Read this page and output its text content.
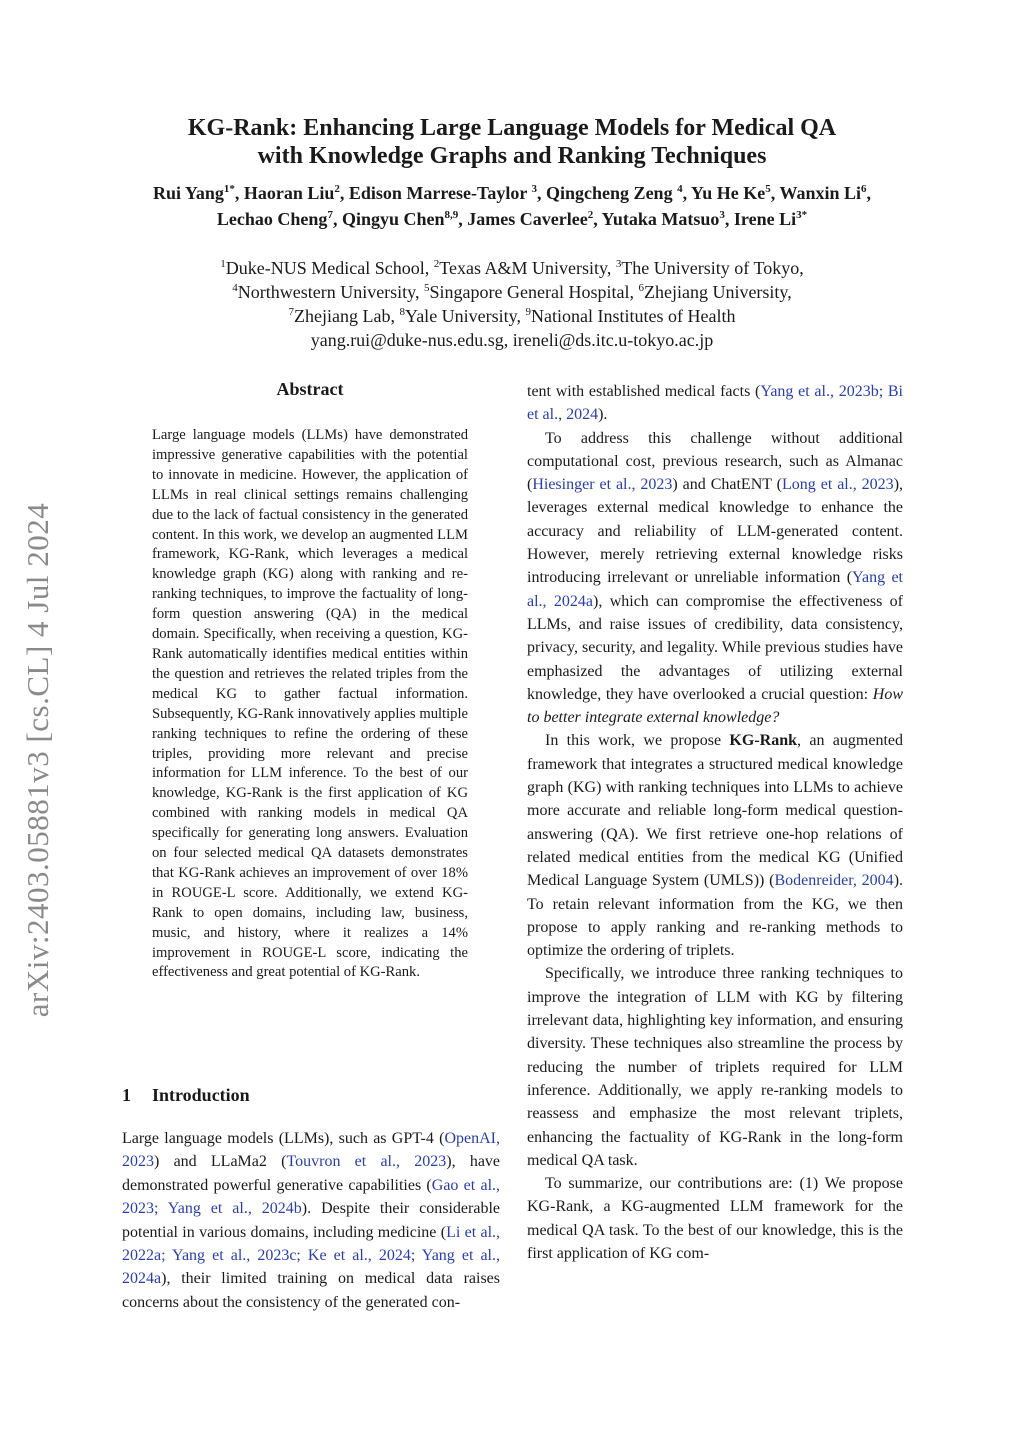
KG-Rank: Enhancing Large Language Models for Medical QA
with Knowledge Graphs and Ranking Techniques
Rui Yang$^{1*}$, Haoran Liu$^2$, Edison Marrese-Taylor $^3$, Qingcheng Zeng $^4$, Yu He Ke$^5$, Wanxin Li$^6$,
Lechao Cheng$^7$, Qingyu Chen$^{8,9}$, James Caverlee$^2$, Yutaka Matsuo$^3$, Irene $Li^{3*}$
$^1$Duke-NUS Medical School, $^2$Texas A&M University, $^3$The University of Tokyo,
$^4$Northwestern University, $^5$Singapore General Hospital, $^6$Zhejiang University,
$^7$Zhejiang Lab, $^8$Yale University, $^9$National Institutes of Health
yang.rui@duke-nus.edu.sg, ireneli@ds.itc.u-tokyo.ac.jp
arXiv:2403.05881v3 [cs.CL] 4 Jul 2024
Abstract
Large language models (LLMs) have demonstrated impressive generative capabilities with the potential to innovate in medicine. However, the application of LLMs in real clinical settings remains challenging due to the lack of factual consistency in the generated content. In this work, we develop an augmented LLM framework, KG-Rank, which leverages a medical knowledge graph (KG) along with ranking and re-ranking techniques, to improve the factuality of long-form question answering (QA) in the medical domain. Specifically, when receiving a question, KG-Rank automatically identifies medical entities within the question and retrieves the related triples from the medical KG to gather factual information. Subsequently, KG-Rank innovatively applies multiple ranking techniques to refine the ordering of these triples, providing more relevant and precise information for LLM inference. To the best of our knowledge, KG-Rank is the first application of KG combined with ranking models in medical QA specifically for generating long answers. Evaluation on four selected medical QA datasets demonstrates that KG-Rank achieves an improvement of over 18% in ROUGE-L score. Additionally, we extend KG-Rank to open domains, including law, business, music, and history, where it realizes a 14% improvement in ROUGE-L score, indicating the effectiveness and great potential of KG-Rank.
1 Introduction
Large language models (LLMs), such as GPT-4 (OpenAI, 2023) and LLaMa2 (Touvron et al., 2023), have demonstrated powerful generative capabilities (Gao et al., 2023; Yang et al., 2024b). Despite their considerable potential in various domains, including medicine (Li et al., 2022a; Yang et al., 2023c; Ke et al., 2024; Yang et al., 2024a), their limited training on medical data raises concerns about the consistency of the generated con-

tent with established medical facts (Yang et al., 2023b; Bi et al., 2024).

To address this challenge without additional computational cost, previous research, such as Almanac (Hiesinger et al., 2023) and ChatENT (Long et al., 2023), leverages external medical knowledge to enhance the accuracy and reliability of LLM-generated content. However, merely retrieving external knowledge risks introducing irrelevant or unreliable information (Yang et al., 2024a), which can compromise the effectiveness of LLMs, and raise issues of credibility, data consistency, privacy, security, and legality. While previous studies have emphasized the advantages of utilizing external knowledge, they have overlooked a crucial question: How to better integrate external knowledge?

In this work, we propose KG-Rank, an augmented framework that integrates a structured medical knowledge graph (KG) with ranking techniques into LLMs to achieve more accurate and reliable long-form medical question-answering (QA). We first retrieve one-hop relations of related medical entities from the medical KG (Unified Medical Language System (UMLS)) (Bodenreider, 2004). To retain relevant information from the KG, we then propose to apply ranking and re-ranking methods to optimize the ordering of triplets.

Specifically, we introduce three ranking techniques to improve the integration of LLM with KG by filtering irrelevant data, highlighting key information, and ensuring diversity. These techniques also streamline the process by reducing the number of triplets required for LLM inference. Additionally, we apply re-ranking models to reassess and emphasize the most relevant triplets, enhancing the factuality of KG-Rank in the long-form medical QA task.

To summarize, our contributions are: (1) We propose KG-Rank, a KG-augmented LLM framework for the medical QA task. To the best of our knowledge, this is the first application of KG com-
